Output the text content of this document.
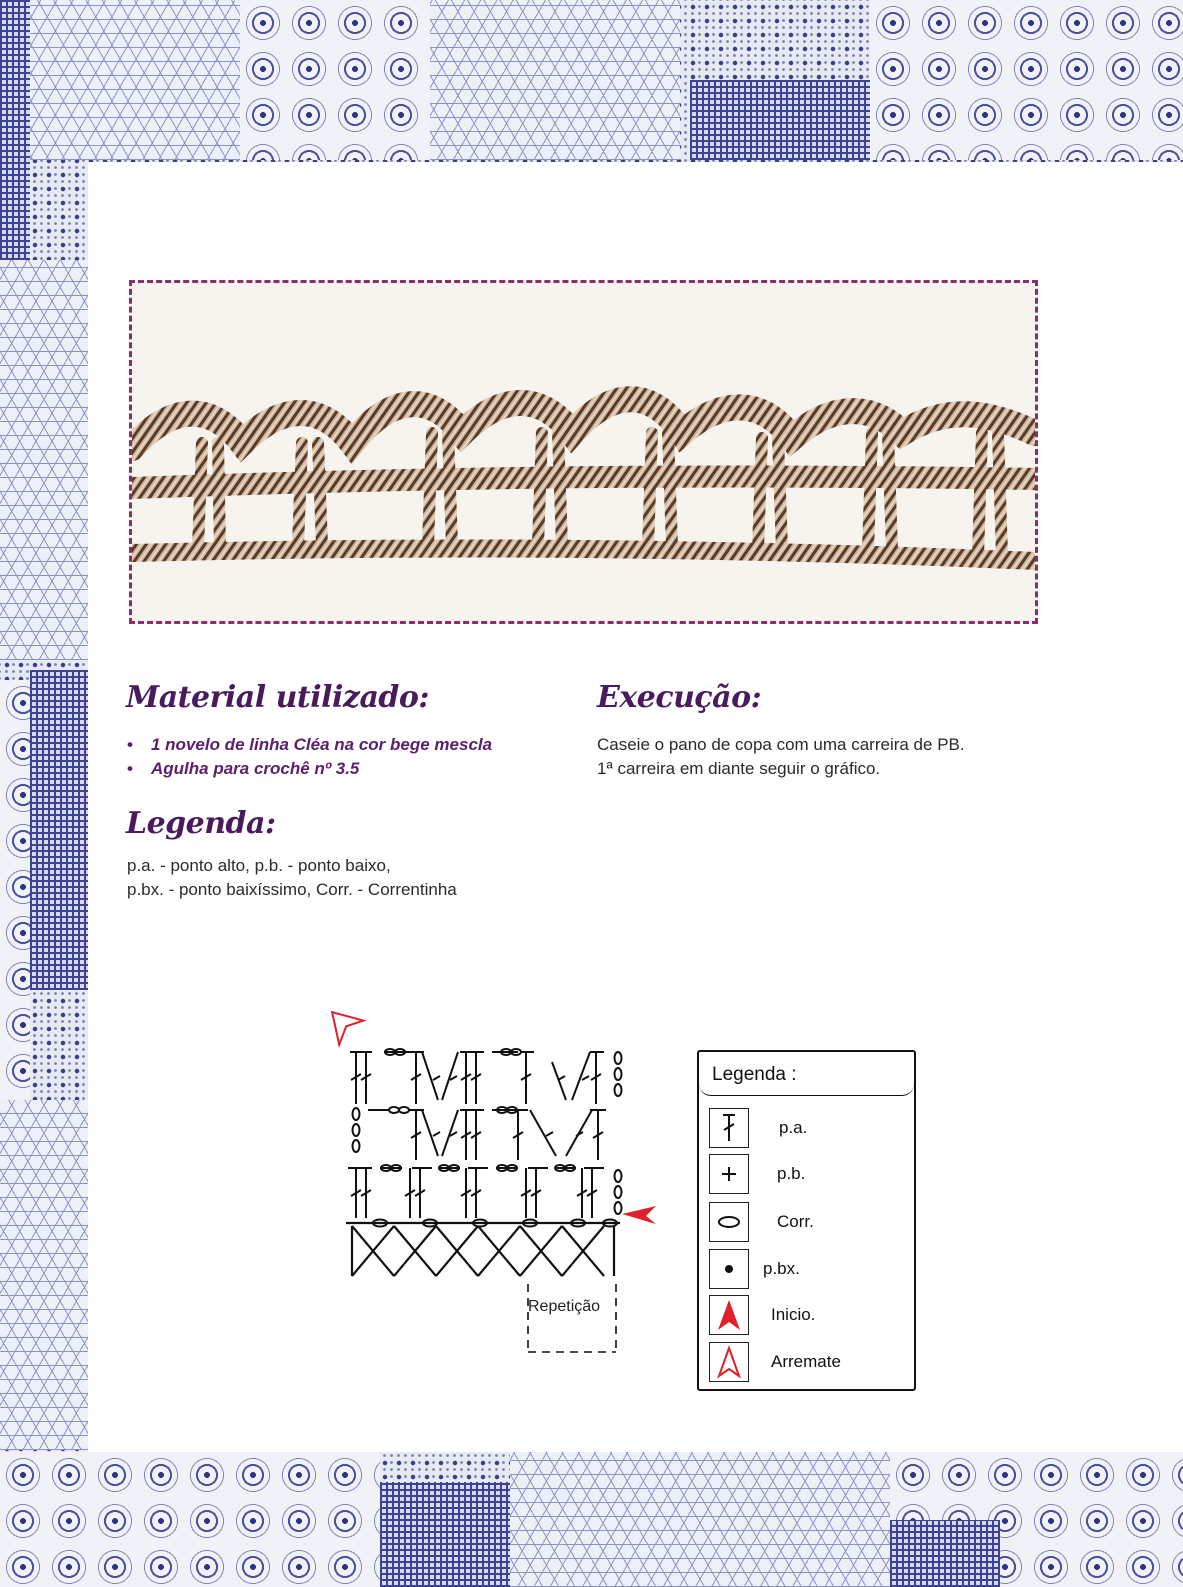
Material utilizado:
• 1 novelo de linha Cléa na cor bege mescla
• Agulha para crochê nº 3.5
Execução:
Caseie o pano de copa com uma carreira de PB.
1ª carreira em diante seguir o gráfico.
Legenda:
p.a. - ponto alto, p.b. - ponto baixo,
p.bx. - ponto baixíssimo, Corr. - Correntinha
Repetição
Legenda :
p.a.
p.b.
Corr.
p.bx.
Inicio.
Arremate
